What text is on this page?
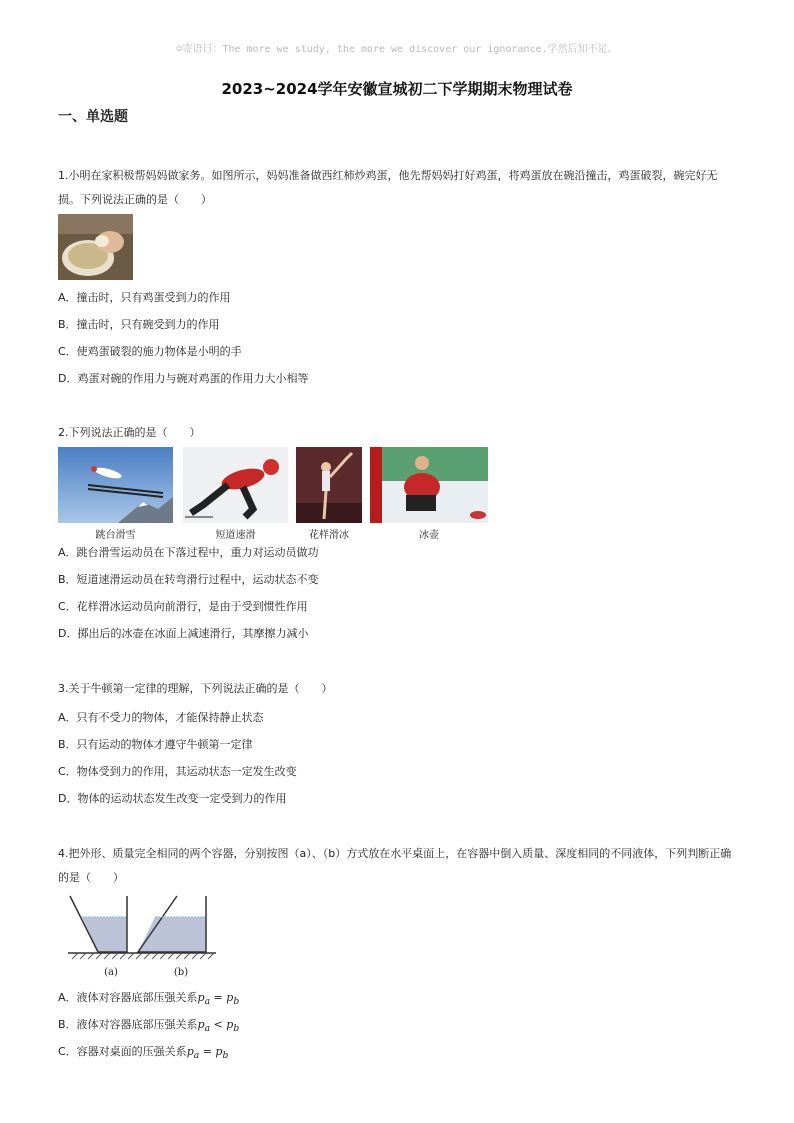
☺寄语曰：The more we study, the more we discover our ignorance.学然后知不足。
2023~2024学年安徽宣城初二下学期期末物理试卷
一、单选题
1.小明在家积极帮妈妈做家务。如图所示，妈妈准备做西红柿炒鸡蛋，他先帮妈妈打好鸡蛋，将鸡蛋放在碗沿撞击，鸡蛋破裂，碗完好无损。下列说法正确的是（　　）
A．撞击时，只有鸡蛋受到力的作用
B．撞击时，只有碗受到力的作用
C．使鸡蛋破裂的施力物体是小明的手
D．鸡蛋对碗的作用力与碗对鸡蛋的作用力大小相等
2.下列说法正确的是（　　）
跳台滑雪	短道速滑	花样滑冰	冰壶
A．跳台滑雪运动员在下落过程中，重力对运动员做功
B．短道速滑运动员在转弯滑行过程中，运动状态不变
C．花样滑冰运动员向前滑行，是由于受到惯性作用
D．掷出后的冰壶在冰面上减速滑行，其摩擦力减小
3.关于牛顿第一定律的理解，下列说法正确的是（　　）
A．只有不受力的物体，才能保持静止状态
B．只有运动的物体才遵守牛顿第一定律
C．物体受到力的作用，其运动状态一定发生改变
D．物体的运动状态发生改变一定受到力的作用
4.把外形、质量完全相同的两个容器，分别按图（a）、（b）方式放在水平桌面上，在容器中倒入质量、深度相同的不同液体，下列判断正确的是（　　）
(a)	(b)
A．液体对容器底部压强关系$p_a = p_b$
B．液体对容器底部压强关系$p_a < p_b$
C．容器对桌面的压强关系$p_a = p_b$
